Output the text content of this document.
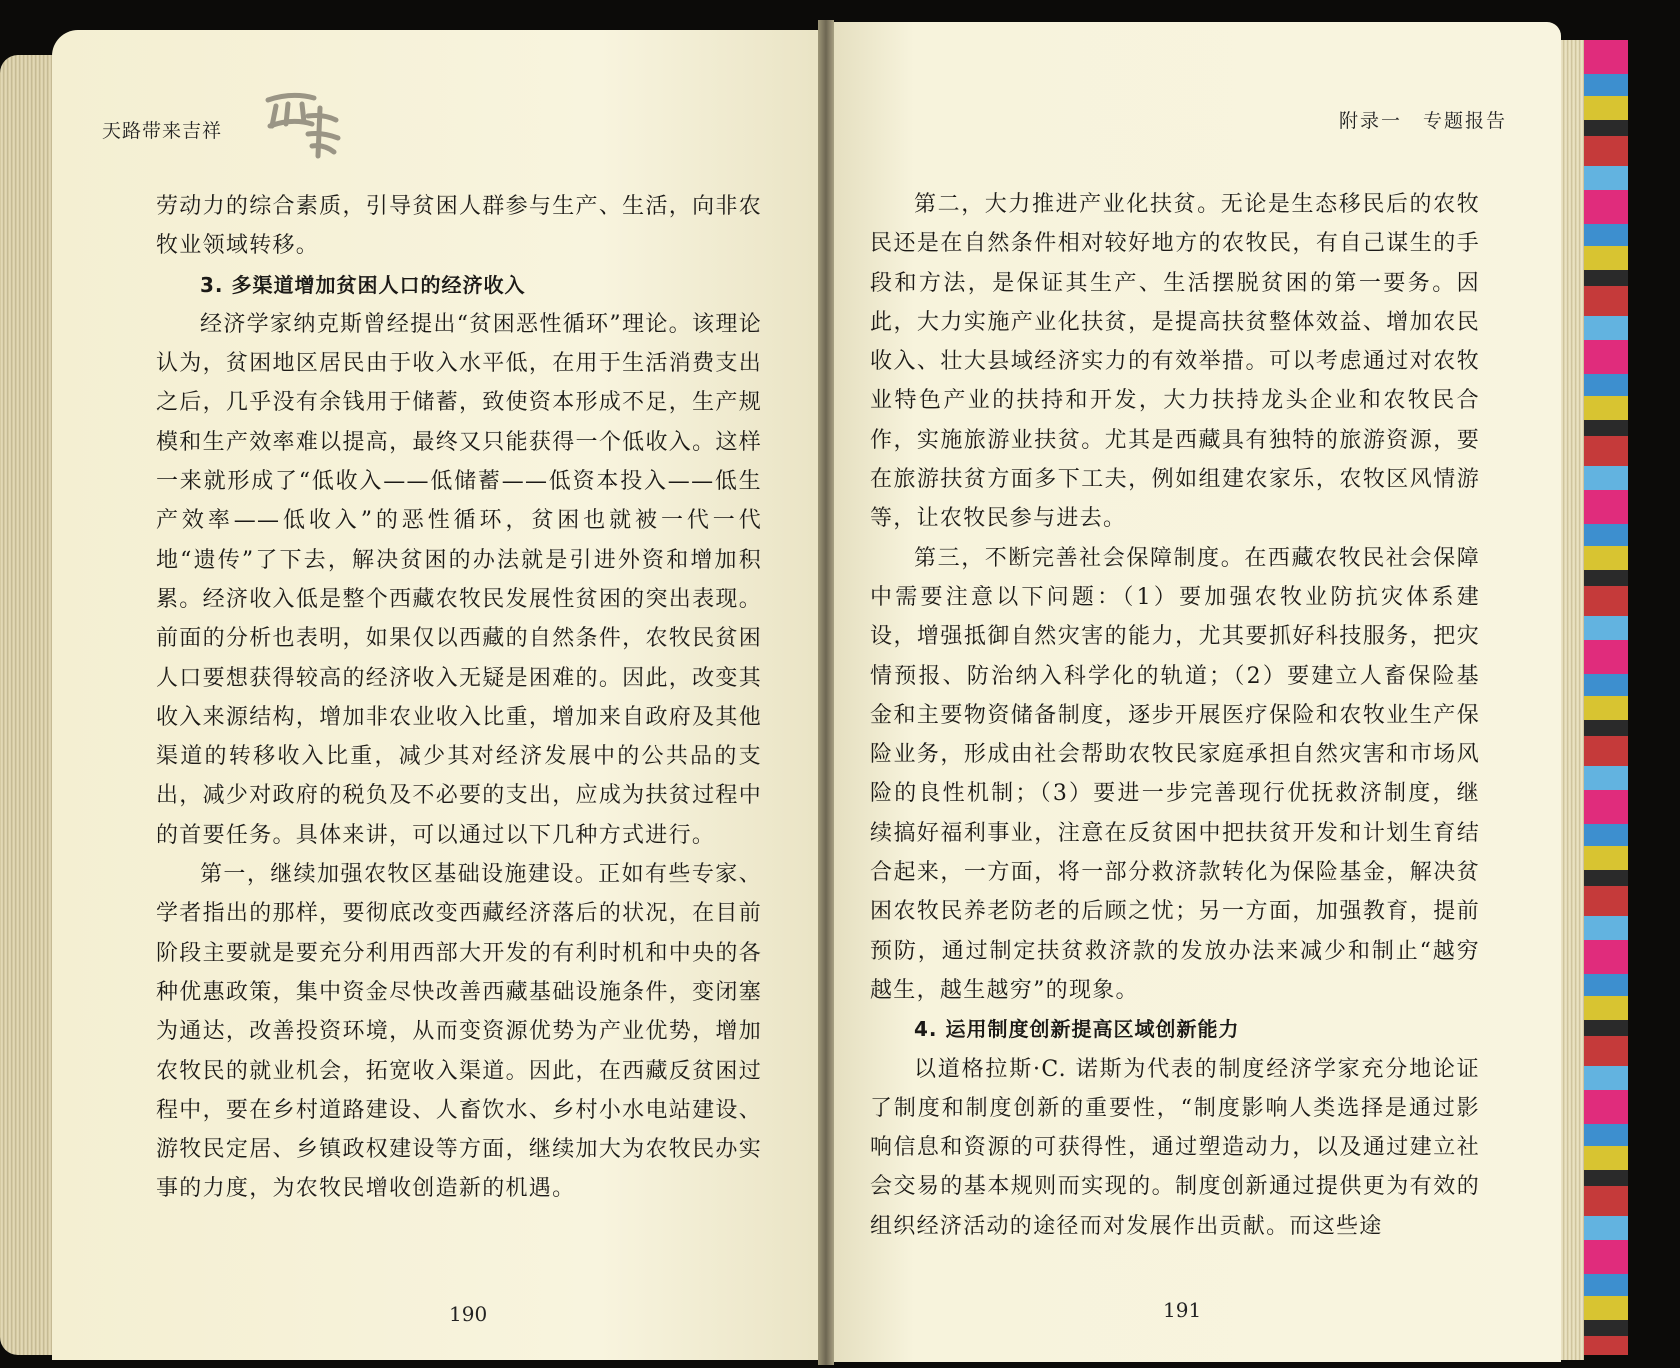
天路带来吉祥

劳动力的综合素质，引导贫困人群参与生产、生活，向非农牧业领域转移。

3. 多渠道增加贫困人口的经济收入

经济学家纳克斯曾经提出“贫困恶性循环”理论。该理论认为，贫困地区居民由于收入水平低，在用于生活消费支出之后，几乎没有余钱用于储蓄，致使资本形成不足，生产规模和生产效率难以提高，最终又只能获得一个低收入。这样一来就形成了“低收入——低储蓄——低资本投入——低生产效率——低收入”的恶性循环，贫困也就被一代一代地“遗传”了下去，解决贫困的办法就是引进外资和增加积累。经济收入低是整个西藏农牧民发展性贫困的突出表现。前面的分析也表明，如果仅以西藏的自然条件，农牧民贫困人口要想获得较高的经济收入无疑是困难的。因此，改变其收入来源结构，增加非农业收入比重，增加来自政府及其他渠道的转移收入比重，减少其对经济发展中的公共品的支出，减少对政府的税负及不必要的支出，应成为扶贫过程中的首要任务。具体来讲，可以通过以下几种方式进行。

第一，继续加强农牧区基础设施建设。正如有些专家、学者指出的那样，要彻底改变西藏经济落后的状况，在目前阶段主要就是要充分利用西部大开发的有利时机和中央的各种优惠政策，集中资金尽快改善西藏基础设施条件，变闭塞为通达，改善投资环境，从而变资源优势为产业优势，增加农牧民的就业机会，拓宽收入渠道。因此，在西藏反贫困过程中，要在乡村道路建设、人畜饮水、乡村小水电站建设、游牧民定居、乡镇政权建设等方面，继续加大为农牧民办实事的力度，为农牧民增收创造新的机遇。

190
附录一　专题报告

第二，大力推进产业化扶贫。无论是生态移民后的农牧民还是在自然条件相对较好地方的农牧民，有自己谋生的手段和方法，是保证其生产、生活摆脱贫困的第一要务。因此，大力实施产业化扶贫，是提高扶贫整体效益、增加农民收入、壮大县域经济实力的有效举措。可以考虑通过对农牧业特色产业的扶持和开发，大力扶持龙头企业和农牧民合作，实施旅游业扶贫。尤其是西藏具有独特的旅游资源，要在旅游扶贫方面多下工夫，例如组建农家乐，农牧区风情游等，让农牧民参与进去。

第三，不断完善社会保障制度。在西藏农牧民社会保障中需要注意以下问题：（1）要加强农牧业防抗灾体系建设，增强抵御自然灾害的能力，尤其要抓好科技服务，把灾情预报、防治纳入科学化的轨道；（2）要建立人畜保险基金和主要物资储备制度，逐步开展医疗保险和农牧业生产保险业务，形成由社会帮助农牧民家庭承担自然灾害和市场风险的良性机制；（3）要进一步完善现行优抚救济制度，继续搞好福利事业，注意在反贫困中把扶贫开发和计划生育结合起来，一方面，将一部分救济款转化为保险基金，解决贫困农牧民养老防老的后顾之忧；另一方面，加强教育，提前预防，通过制定扶贫救济款的发放办法来减少和制止“越穷越生，越生越穷”的现象。

4. 运用制度创新提高区域创新能力

以道格拉斯·C. 诺斯为代表的制度经济学家充分地论证了制度和制度创新的重要性，“制度影响人类选择是通过影响信息和资源的可获得性，通过塑造动力，以及通过建立社会交易的基本规则而实现的。制度创新通过提供更为有效的组织经济活动的途径而对发展作出贡献。而这些途

191
